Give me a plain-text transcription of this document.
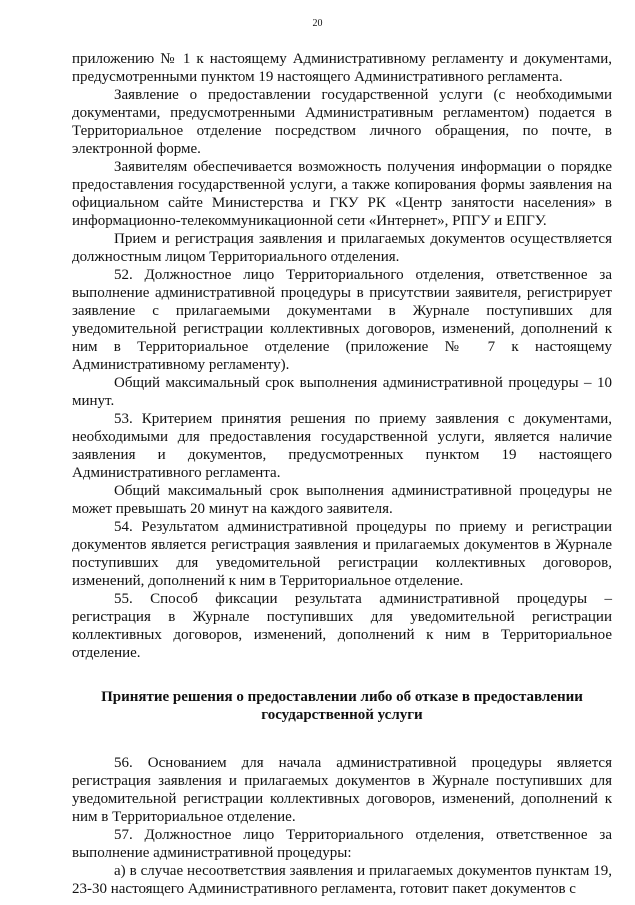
20

приложению № 1 к настоящему Административному регламенту и документами, предусмотренными пунктом 19 настоящего Административного регламента.

Заявление о предоставлении государственной услуги (с необходимыми документами, предусмотренными Административным регламентом) подается в Территориальное отделение посредством личного обращения, по почте, в электронной форме.

Заявителям обеспечивается возможность получения информации о порядке предоставления государственной услуги, а также копирования формы заявления на официальном сайте Министерства и ГКУ РК «Центр занятости населения» в информационно-телекоммуникационной сети «Интернет», РПГУ и ЕПГУ.

Прием и регистрация заявления и прилагаемых документов осуществляется должностным лицом Территориального отделения.

52. Должностное лицо Территориального отделения, ответственное за выполнение административной процедуры в присутствии заявителя, регистрирует заявление с прилагаемыми документами в Журнале поступивших для уведомительной регистрации коллективных договоров, изменений, дополнений к ним в Территориальное отделение (приложение № 7 к настоящему Административному регламенту).

Общий максимальный срок выполнения административной процедуры – 10 минут.

53. Критерием принятия решения по приему заявления с документами, необходимыми для предоставления государственной услуги, является наличие заявления и документов, предусмотренных пунктом 19 настоящего Административного регламента.

Общий максимальный срок выполнения административной процедуры не может превышать 20 минут на каждого заявителя.

54. Результатом административной процедуры по приему и регистрации документов является регистрация заявления и прилагаемых документов в Журнале поступивших для уведомительной регистрации коллективных договоров, изменений, дополнений к ним в Территориальное отделение.

55. Способ фиксации результата административной процедуры – регистрация в Журнале поступивших для уведомительной регистрации коллективных договоров, изменений, дополнений к ним в Территориальное отделение.

Принятие решения о предоставлении либо об отказе в предоставлении государственной услуги

56. Основанием для начала административной процедуры является регистрация заявления и прилагаемых документов в Журнале поступивших для уведомительной регистрации коллективных договоров, изменений, дополнений к ним в Территориальное отделение.

57. Должностное лицо Территориального отделения, ответственное за выполнение административной процедуры:

а) в случае несоответствия заявления и прилагаемых документов пунктам 19, 23-30 настоящего Административного регламента, готовит пакет документов с
